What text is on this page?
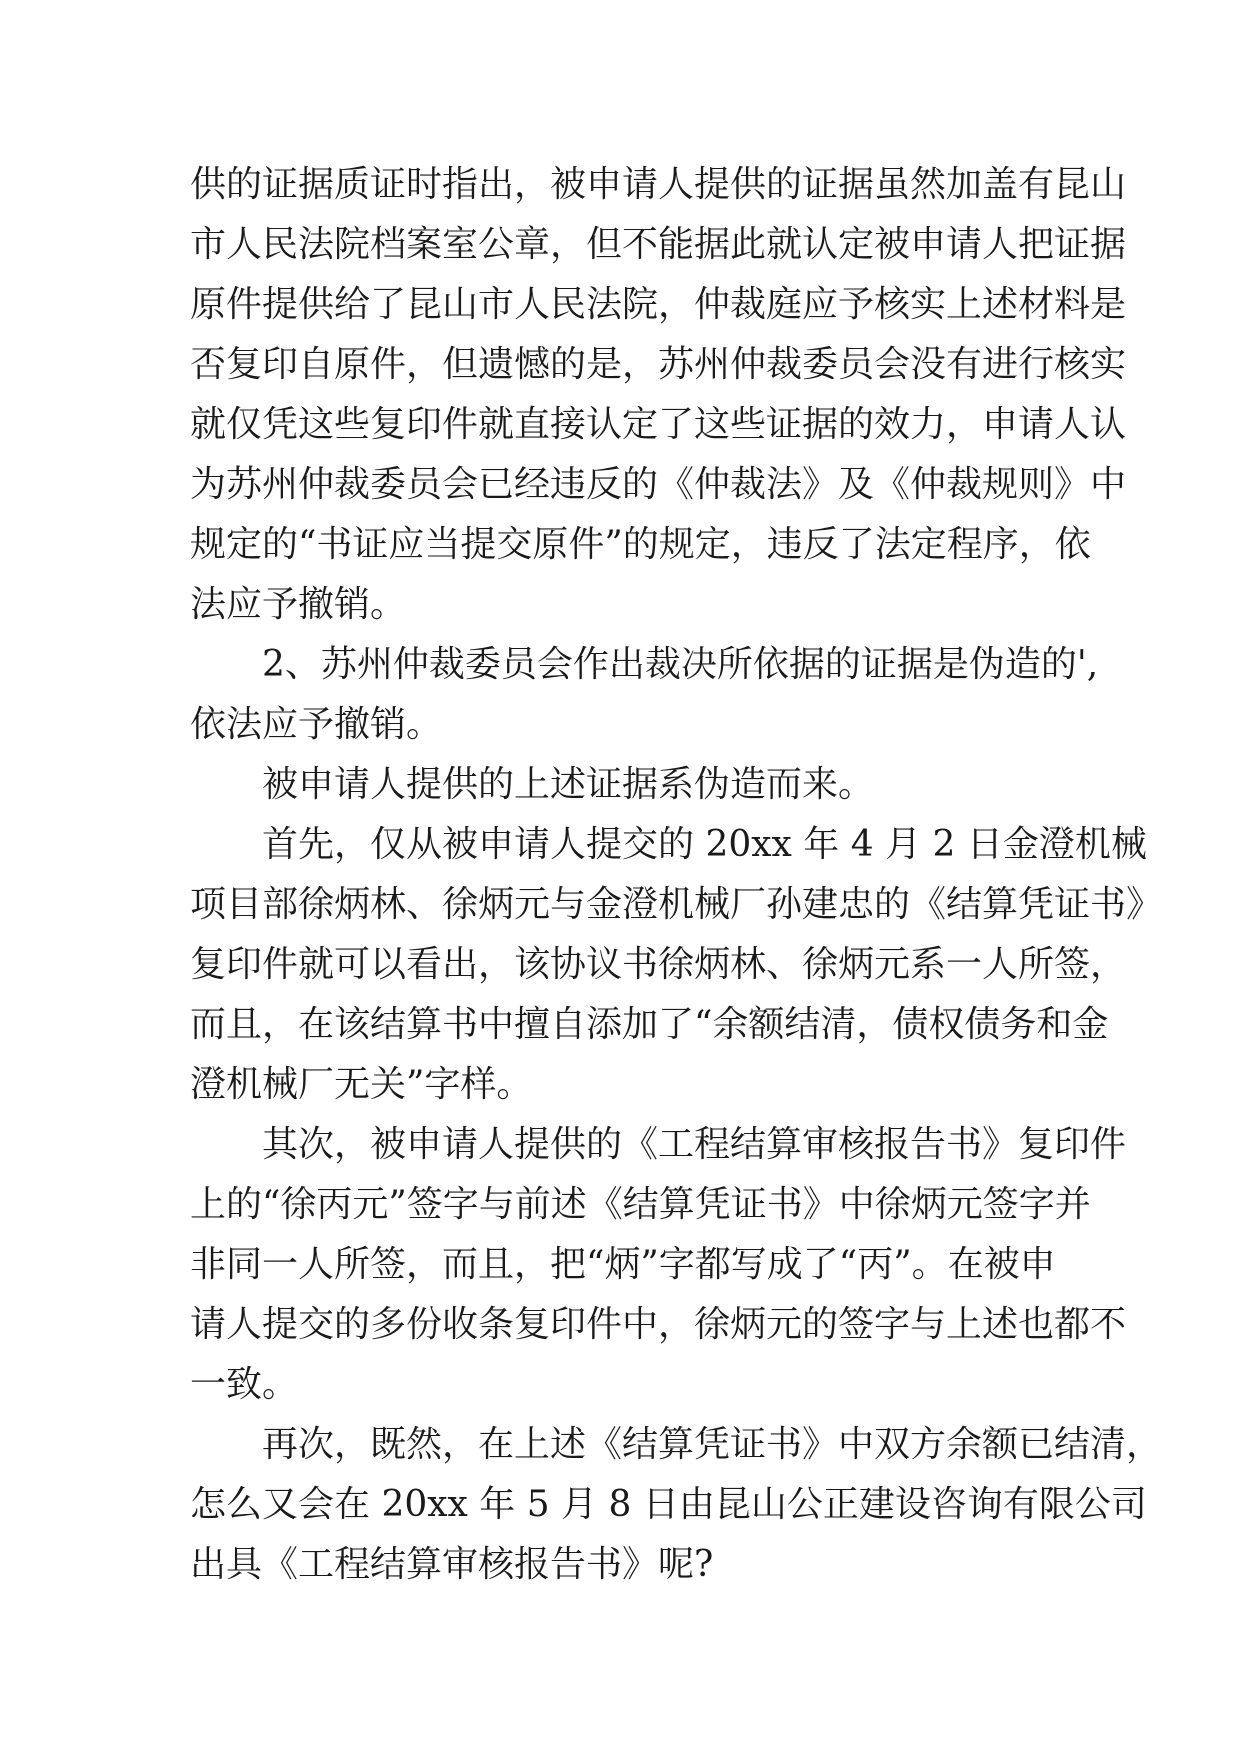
供的证据质证时指出，被申请人提供的证据虽然加盖有昆山
市人民法院档案室公章，但不能据此就认定被申请人把证据
原件提供给了昆山市人民法院，仲裁庭应予核实上述材料是
否复印自原件，但遗憾的是，苏州仲裁委员会没有进行核实
就仅凭这些复印件就直接认定了这些证据的效力，申请人认
为苏州仲裁委员会已经违反的《仲裁法》及《仲裁规则》中
规定的“书证应当提交原件”的规定，违反了法定程序，依
法应予撤销。
2、苏州仲裁委员会作出裁决所依据的证据是伪造的',
依法应予撤销。
被申请人提供的上述证据系伪造而来。
首先，仅从被申请人提交的 20xx 年 4 月 2 日金澄机械
项目部徐炳林、徐炳元与金澄机械厂孙建忠的《结算凭证书》
复印件就可以看出，该协议书徐炳林、徐炳元系一人所签，
而且，在该结算书中擅自添加了“余额结清，债权债务和金
澄机械厂无关”字样。
其次，被申请人提供的《工程结算审核报告书》复印件
上的“徐丙元”签字与前述《结算凭证书》中徐炳元签字并
非同一人所签，而且，把“炳”字都写成了“丙”。在被申
请人提交的多份收条复印件中，徐炳元的签字与上述也都不
一致。
再次，既然，在上述《结算凭证书》中双方余额已结清，
怎么又会在 20xx 年 5 月 8 日由昆山公正建设咨询有限公司
出具《工程结算审核报告书》呢?
